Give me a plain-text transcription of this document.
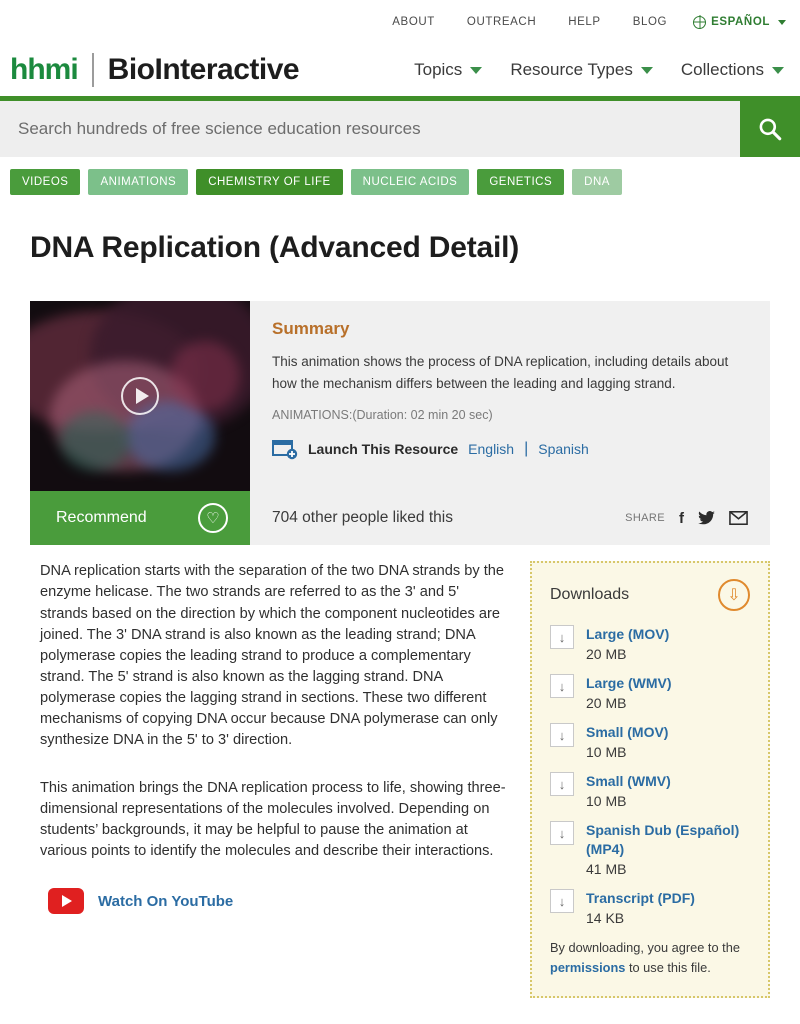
ABOUT	OUTREACH	HELP	BLOG	ESPAÑOL
hhmi BioInteractive	Topics	Resource Types	Collections
Search hundreds of free science education resources
VIDEOS	ANIMATIONS	CHEMISTRY OF LIFE	NUCLEIC ACIDS	GENETICS	DNA
DNA Replication (Advanced Detail)
Summary
This animation shows the process of DNA replication, including details about how the mechanism differs between the leading and lagging strand.
ANIMATIONS:(Duration: 02 min 20 sec)
Launch This Resource English | Spanish
Recommend	♡	704 other people liked this	SHARE f

DNA replication starts with the separation of the two DNA strands by the enzyme helicase. The two strands are referred to as the 3' and 5' strands based on the direction by which the component nucleotides are joined. The 3' DNA strand is also known as the leading strand; DNA polymerase copies the leading strand to produce a complementary strand. The 5' strand is also known as the lagging strand. DNA polymerase copies the lagging strand in sections. These two different mechanisms of copying DNA occur because DNA polymerase can only synthesize DNA in the 5' to 3' direction.

This animation brings the DNA replication process to life, showing three-dimensional representations of the molecules involved. Depending on students’ backgrounds, it may be helpful to pause the animation at various points to identify the molecules and describe their interactions.

Watch On YouTube
Downloads	⇩
↓	Large (MOV)
20 MB
↓	Large (WMV)
20 MB
↓	Small (MOV)
10 MB
↓	Small (WMV)
10 MB
↓	Spanish Dub (Español) (MP4)
41 MB
↓	Transcript (PDF)
14 KB
By downloading, you agree to the permissions to use this file.
